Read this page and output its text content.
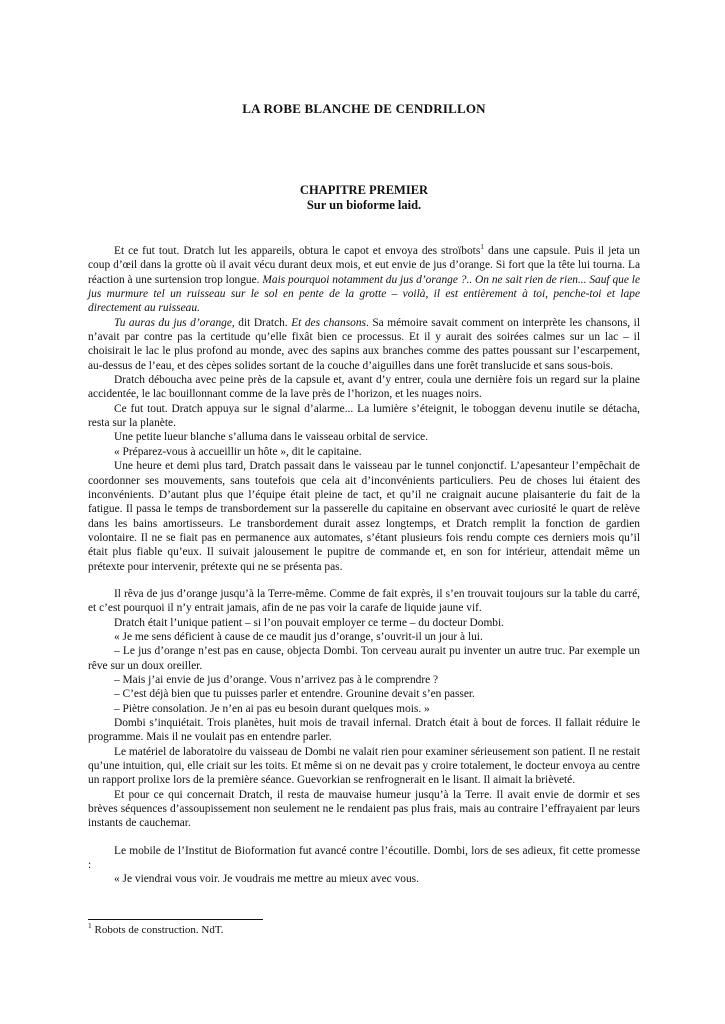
LA ROBE BLANCHE DE CENDRILLON
CHAPITRE PREMIER
Sur un bioforme laid.

Et ce fut tout. Dratch lut les appareils, obtura le capot et envoya des stroïbots$^1$ dans une capsule. Puis il jeta un coup d’œil dans la grotte où il avait vécu durant deux mois, et eut envie de jus d’orange. Si fort que la tête lui tourna. La réaction à une surtension trop longue. Mais pourquoi notamment du jus d’orange ?.. On ne sait rien de rien... Sauf que le jus murmure tel un ruisseau sur le sol en pente de la grotte – voilà, il est entièrement à toi, penche-toi et lape directement au ruisseau.

Tu auras du jus d’orange, dit Dratch. Et des chansons. Sa mémoire savait comment on interprète les chansons, il n’avait par contre pas la certitude qu’elle fixât bien ce processus. Et il y aurait des soirées calmes sur un lac – il choisirait le lac le plus profond au monde, avec des sapins aux branches comme des pattes poussant sur l’escarpement, au-dessus de l’eau, et des cèpes solides sortant de la couche d’aiguilles dans une forêt translucide et sans sous-bois.

Dratch déboucha avec peine près de la capsule et, avant d’y entrer, coula une dernière fois un regard sur la plaine accidentée, le lac bouillonnant comme de la lave près de l’horizon, et les nuages noirs.

Ce fut tout. Dratch appuya sur le signal d’alarme... La lumière s’éteignit, le toboggan devenu inutile se détacha, resta sur la planète.

Une petite lueur blanche s’alluma dans le vaisseau orbital de service.

« Préparez-vous à accueillir un hôte », dit le capitaine.

Une heure et demi plus tard, Dratch passait dans le vaisseau par le tunnel conjonctif. L’apesanteur l’empêchait de coordonner ses mouvements, sans toutefois que cela ait d’inconvénients particuliers. Peu de choses lui étaient des inconvénients. D’autant plus que l’équipe était pleine de tact, et qu’il ne craignait aucune plaisanterie du fait de la fatigue. Il passa le temps de transbordement sur la passerelle du capitaine en observant avec curiosité le quart de relève dans les bains amortisseurs. Le transbordement durait assez longtemps, et Dratch remplit la fonction de gardien volontaire. Il ne se fiait pas en permanence aux automates, s’étant plusieurs fois rendu compte ces derniers mois qu’il était plus fiable qu’eux. Il suivait jalousement le pupitre de commande et, en son for intérieur, attendait même un prétexte pour intervenir, prétexte qui ne se présenta pas.

Il rêva de jus d’orange jusqu’à la Terre-même. Comme de fait exprès, il s’en trouvait toujours sur la table du carré, et c’est pourquoi il n’y entrait jamais, afin de ne pas voir la carafe de liquide jaune vif.

Dratch était l’unique patient – si l’on pouvait employer ce terme – du docteur Dombi.

« Je me sens déficient à cause de ce maudit jus d’orange, s’ouvrit-il un jour à lui.

– Le jus d’orange n’est pas en cause, objecta Dombi. Ton cerveau aurait pu inventer un autre truc. Par exemple un rêve sur un doux oreiller.

– Mais j’ai envie de jus d’orange. Vous n’arrivez pas à le comprendre ?

– C’est déjà bien que tu puisses parler et entendre. Grounine devait s’en passer.

– Piètre consolation. Je n’en ai pas eu besoin durant quelques mois. »

Dombi s’inquiétait. Trois planètes, huit mois de travail infernal. Dratch était à bout de forces. Il fallait réduire le programme. Mais il ne voulait pas en entendre parler.

Le matériel de laboratoire du vaisseau de Dombi ne valait rien pour examiner sérieusement son patient. Il ne restait qu’une intuition, qui, elle criait sur les toits. Et même si on ne devait pas y croire totalement, le docteur envoya au centre un rapport prolixe lors de la première séance. Guevorkian se renfrognerait en le lisant. Il aimait la brièveté.

Et pour ce qui concernait Dratch, il resta de mauvaise humeur jusqu’à la Terre. Il avait envie de dormir et ses brèves séquences d’assoupissement non seulement ne le rendaient pas plus frais, mais au contraire l’effrayaient par leurs instants de cauchemar.

Le mobile de l’Institut de Bioformation fut avancé contre l’écoutille. Dombi, lors de ses adieux, fit cette promesse :

« Je viendrai vous voir. Je voudrais me mettre au mieux avec vous.

$^1$ Robots de construction. NdT.
